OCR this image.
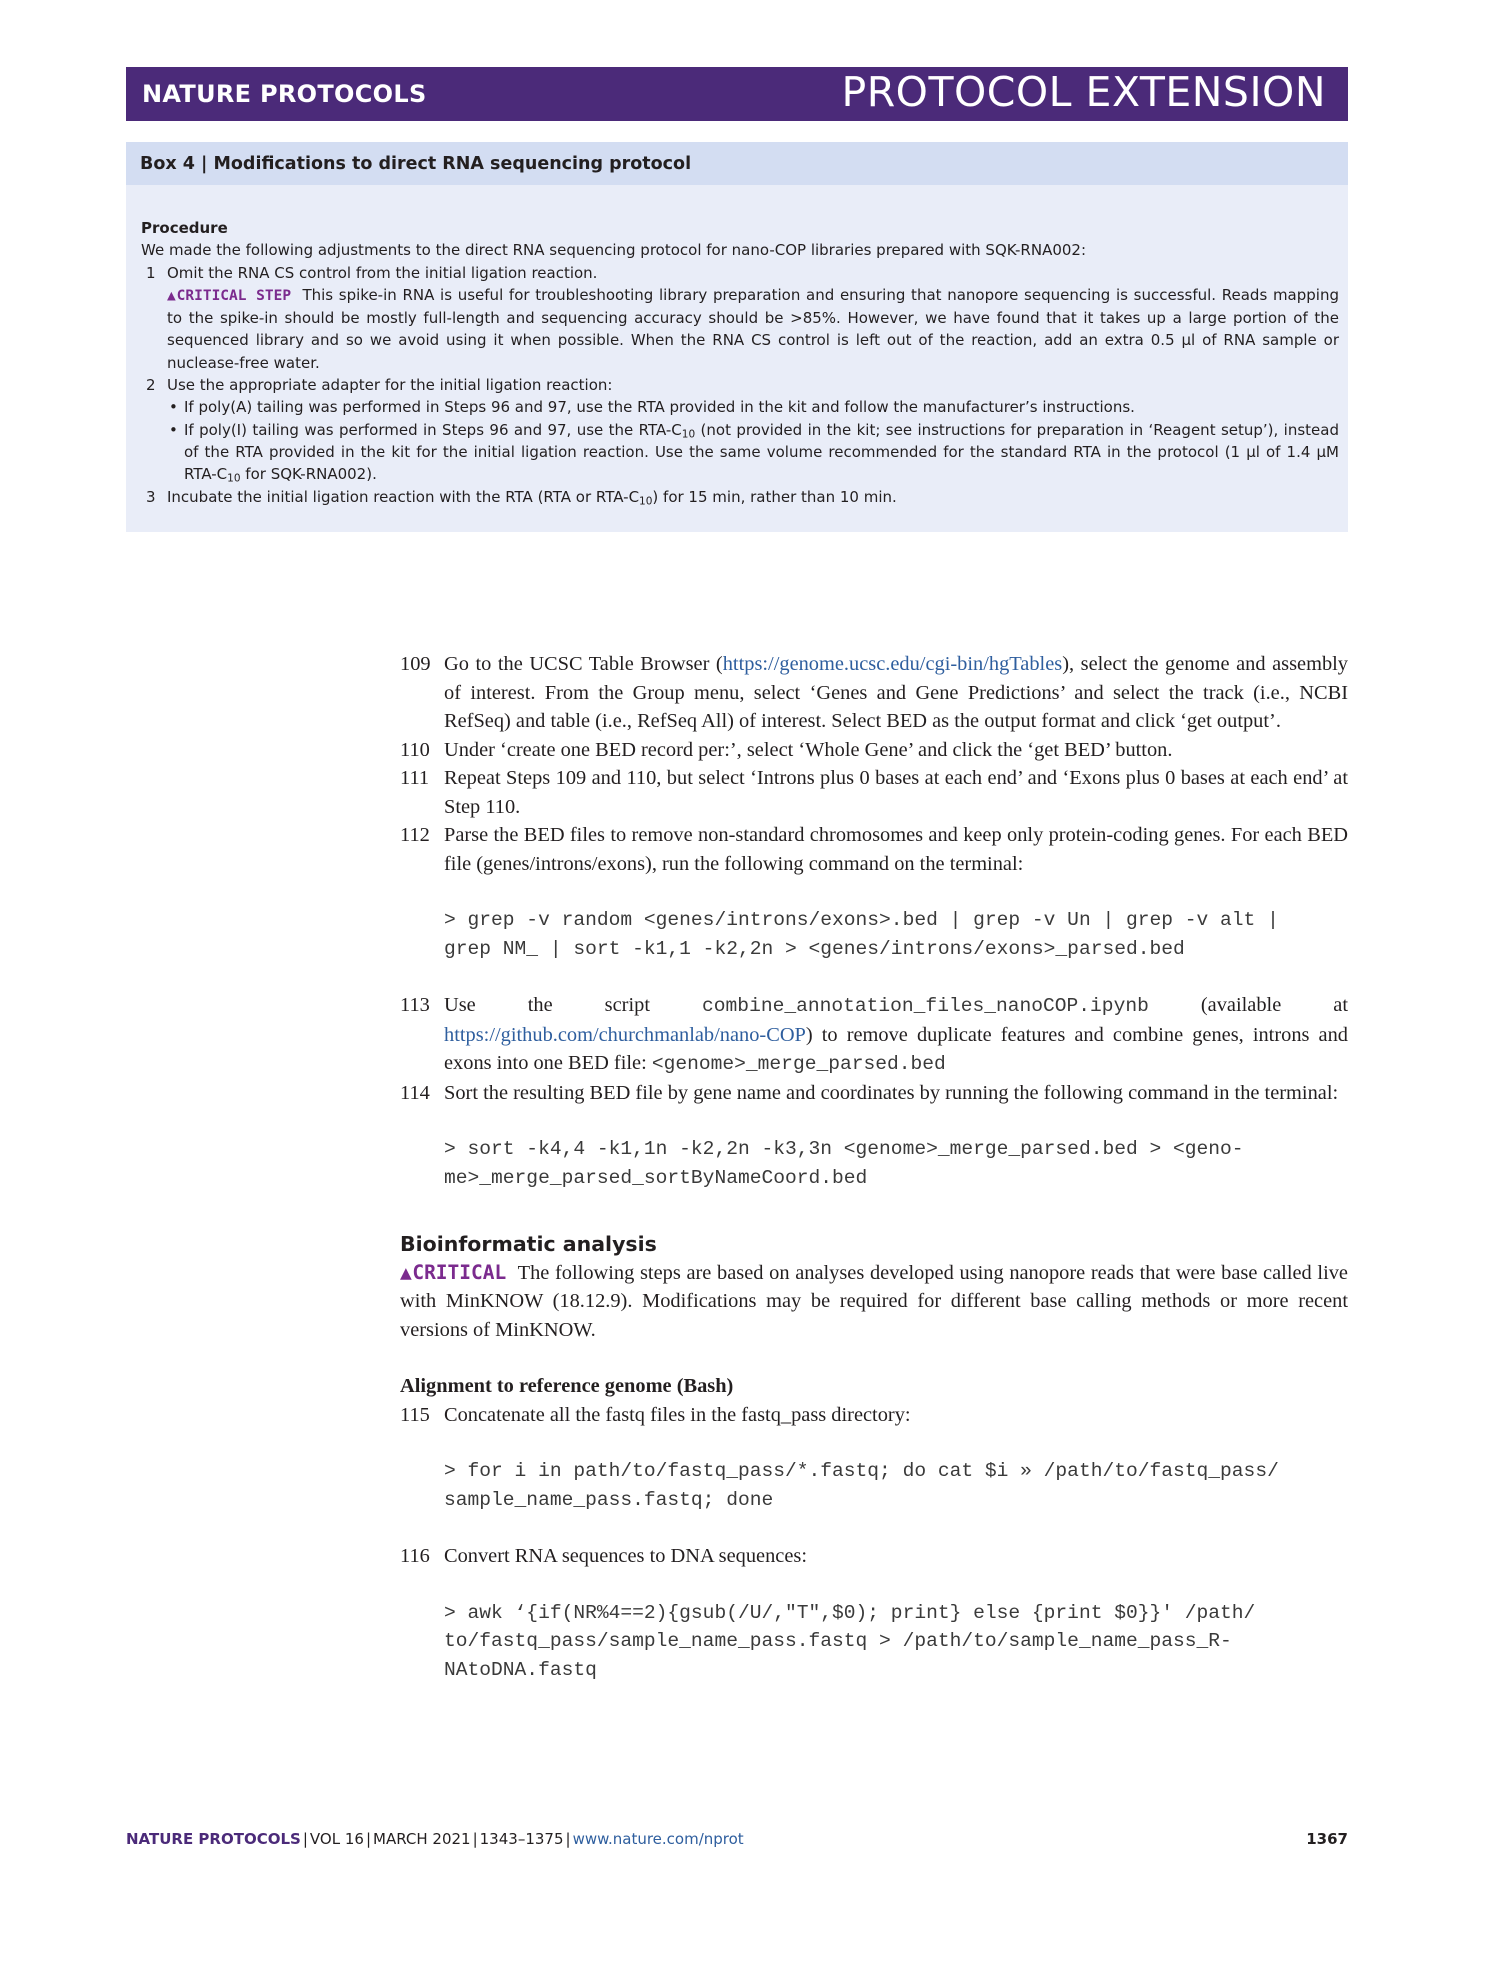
NATURE PROTOCOLS	PROTOCOL EXTENSION
Box 4 | Modifications to direct RNA sequencing protocol
Procedure
We made the following adjustments to the direct RNA sequencing protocol for nano-COP libraries prepared with SQK-RNA002:
1 Omit the RNA CS control from the initial ligation reaction.
▲CRITICAL STEP This spike-in RNA is useful for troubleshooting library preparation and ensuring that nanopore sequencing is successful. Reads mapping to the spike-in should be mostly full-length and sequencing accuracy should be >85%. However, we have found that it takes up a large portion of the sequenced library and so we avoid using it when possible. When the RNA CS control is left out of the reaction, add an extra 0.5 µl of RNA sample or nuclease-free water.
2 Use the appropriate adapter for the initial ligation reaction:
• If poly(A) tailing was performed in Steps 96 and 97, use the RTA provided in the kit and follow the manufacturer’s instructions.
• If poly(I) tailing was performed in Steps 96 and 97, use the RTA-$C_{10}$ (not provided in the kit; see instructions for preparation in ‘Reagent setup’), instead of the RTA provided in the kit for the initial ligation reaction. Use the same volume recommended for the standard RTA in the protocol (1 µl of 1.4 µM RTA-$C_{10}$ for SQK-RNA002).
3 Incubate the initial ligation reaction with the RTA (RTA or RTA-$C_{10}$) for 15 min, rather than 10 min.
109 Go to the UCSC Table Browser (https://genome.ucsc.edu/cgi-bin/hgTables), select the genome and assembly of interest. From the Group menu, select ‘Genes and Gene Predictions’ and select the track (i.e., NCBI RefSeq) and table (i.e., RefSeq All) of interest. Select BED as the output format and click ‘get output’.
110 Under ‘create one BED record per:’, select ‘Whole Gene’ and click the ‘get BED’ button.
111 Repeat Steps 109 and 110, but select ‘Introns plus 0 bases at each end’ and ‘Exons plus 0 bases at each end’ at Step 110.
112 Parse the BED files to remove non-standard chromosomes and keep only protein-coding genes. For each BED file (genes/introns/exons), run the following command on the terminal:
> grep -v random <genes/introns/exons>.bed | grep -v Un | grep -v alt |
grep NM_ | sort -k1,1 -k2,2n > <genes/introns/exons>_parsed.bed
113 Use the script combine_annotation_files_nanoCOP.ipynb (available at https://github.com/churchmanlab/nano-COP) to remove duplicate features and combine genes, introns and exons into one BED file: <genome>_merge_parsed.bed
114 Sort the resulting BED file by gene name and coordinates by running the following command in the terminal:
> sort -k4,4 -k1,1n -k2,2n -k3,3n <genome>_merge_parsed.bed > <geno-
me>_merge_parsed_sortByNameCoord.bed
Bioinformatic analysis
▲CRITICAL The following steps are based on analyses developed using nanopore reads that were base called live with MinKNOW (18.12.9). Modifications may be required for different base calling methods or more recent versions of MinKNOW.
Alignment to reference genome (Bash)
115 Concatenate all the fastq files in the fastq_pass directory:
> for i in path/to/fastq_pass/*.fastq; do cat $i » /path/to/fastq_pass/
sample_name_pass.fastq; done
116 Convert RNA sequences to DNA sequences:
> awk ‘{if(NR%4==2){gsub(/U/,"T",$0); print} else {print $0}}' /path/
to/fastq_pass/sample_name_pass.fastq > /path/to/sample_name_pass_R-
NAtoDNA.fastq
NATURE PROTOCOLS | VOL 16 | MARCH 2021 | 1343–1375 | www.nature.com/nprot	1367
